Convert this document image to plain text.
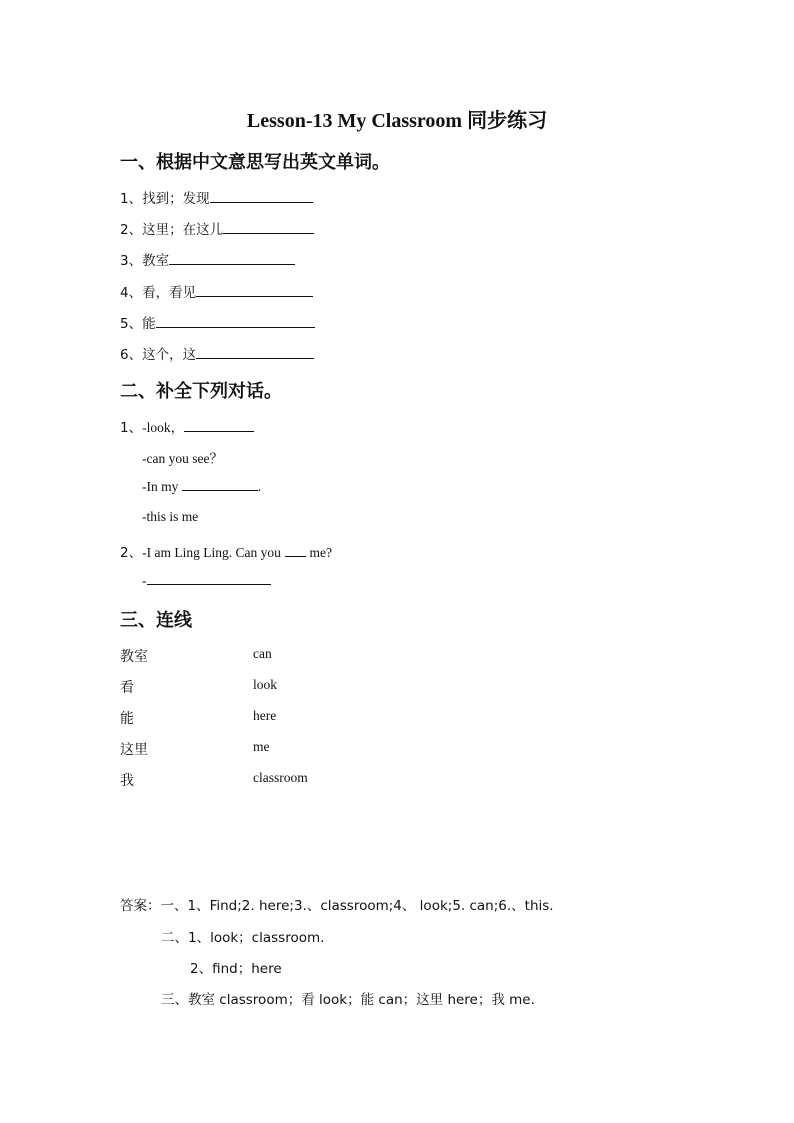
Lesson-13 My Classroom 同步练习
一、根据中文意思写出英文单词。
1、找到；发现
2、这里；在这儿
3、教室
4、看，看见
5、能
6、这个，这
二、补全下列对话。
1、-look，
-can you see？
-In my	.
-this is me
2、-I am Ling Ling. Can you  me?
-
三、连线
教室	can
看	look
能	here
这里	me
我	classroom
答案：一、1、Find;2. here;3.、classroom;4、 look;5. can;6.、this.
二、1、look；classroom.
2、find；here
三、教室 classroom；看 look；能 can；这里 here；我 me.
